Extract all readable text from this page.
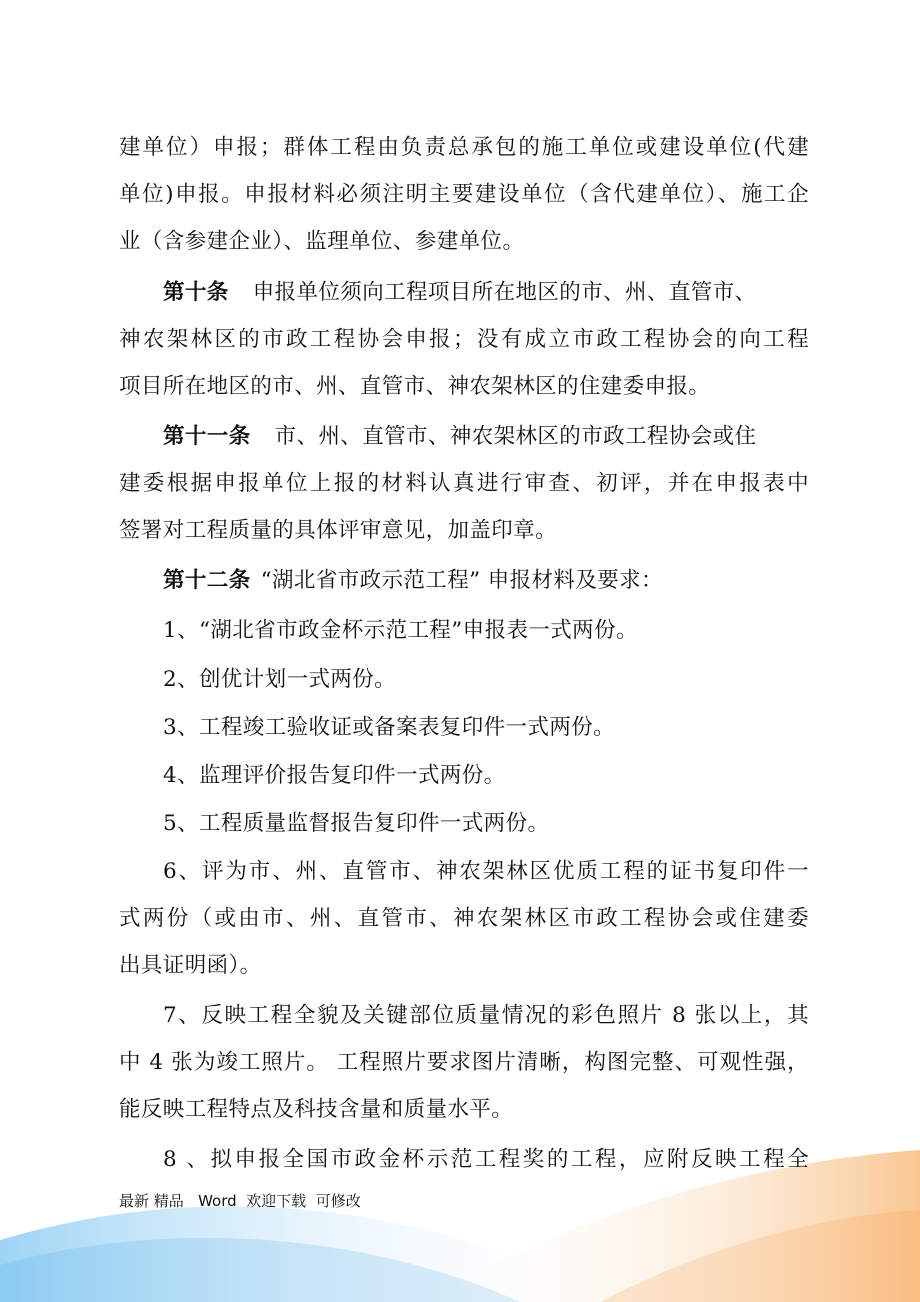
建单位）申报；群体工程由负责总承包的施工单位或建设单位(代建
单位)申报。申报材料必须注明主要建设单位（含代建单位）、施工企
业（含参建企业）、监理单位、参建单位。
第十条 申报单位须向工程项目所在地区的市、州、直管市、
神农架林区的市政工程协会申报；没有成立市政工程协会的向工程
项目所在地区的市、州、直管市、神农架林区的住建委申报。
第十一条 市、州、直管市、神农架林区的市政工程协会或住
建委根据申报单位上报的材料认真进行审查、初评，并在申报表中
签署对工程质量的具体评审意见，加盖印章。
第十二条 “湖北省市政示范工程” 申报材料及要求：
1、“湖北省市政金杯示范工程”申报表一式两份。
2、创优计划一式两份。
3、工程竣工验收证或备案表复印件一式两份。
4、监理评价报告复印件一式两份。
5、工程质量监督报告复印件一式两份。
6、评为市、州、直管市、神农架林区优质工程的证书复印件一
式两份（或由市、州、直管市、神农架林区市政工程协会或住建委
出具证明函）。
7、反映工程全貌及关键部位质量情况的彩色照片 8 张以上，其
中 4 张为竣工照片。 工程照片要求图片清晰，构图完整、可观性强，
能反映工程特点及科技含量和质量水平。
8 、拟申报全国市政金杯示范工程奖的工程，应附反映工程全
最新 精品   Word  欢迎下载  可修改
